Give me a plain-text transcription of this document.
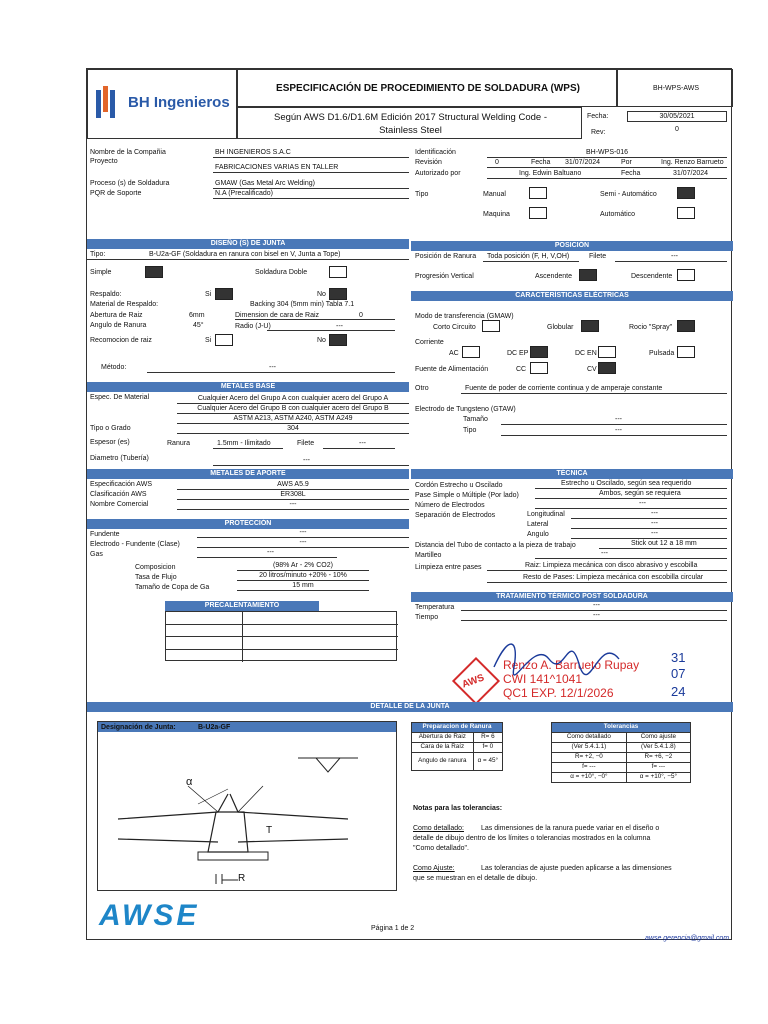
BH Ingenieros
ESPECIFICACIÓN DE PROCEDIMIENTO DE SOLDADURA (WPS)	BH-WPS-AWS
Según AWS D1.6/D1.6M Edición 2017 Structural Welding Code -
Stainless Steel
Fecha:	30/05/2021
Rev:	0
Nombre de la Compañia	BH INGENIEROS S.A.C
Proyecto
FABRICACIONES VARIAS EN TALLER
Proceso (s) de Soldadura	GMAW (Gas Metal Arc Welding)
PQR de Soporte	N.A (Precalificado)
Identificación	BH-WPS-016
Revisión	0	Fecha 31/07/2024	Por	Ing. Renzo Barrueto
Autorizado por	Ing. Edwin Baltuano	Fecha	31/07/2024
Tipo	Manual
Maquina
Semi - Automático
Automático
DISEÑO (S) DE JUNTA
Tipo:	B-U2a-GF (Soldadura en ranura con bisel en V, Junta a Tope)
Simple	Soldadura Doble
Respaldo:	Si	No
Material de Respaldo:	Backing 304 (5mm min) Tabla 7.1
Abertura de Raiz	6mm	Dimension de cara de Raiz	0
Angulo de Ranura	45°	Radio (J-U)	---
Recomocion de raiz	Si	No
Método:	---
POSICIÓN
Posición de Ranura Toda posición (F, H, V,OH)	Filete	---
Progresión Vertical	Ascendente	Descendente
CARACTERÍSTICAS ELÉCTRICAS
Modo de transferencia (GMAW)
Corto Circuito	Globular	Rocio "Spray"
Corriente
AC	DC EP	DC EN	Pulsada
Fuente de Alimentación	CC	CV
Otro	Fuente de poder de corriente continua y de amperaje constante
Electrodo de Tungsteno (GTAW)
Tamaño	---
Tipo	---
METALES BASE
Espec. De Material	Cualquier Acero del Grupo A con cualquier acero del Grupo A
Cualquier Acero del Grupo B con cualquier acero del Grupo B
ASTM A213, ASTM A240, ASTM A249
Tipo o Grado	304
Espesor (es)	Ranura	1.5mm - Ilimitado	Filete	---
Diametro (Tubería)	---
METALES DE APORTE
Especificación AWS	AWS A5.9
Clasificación AWS	ER308L
Nombre Comercial	---
TÉCNICA
Cordón Estrecho u Oscilado	Estrecho u Oscilado, según sea requerido
Pase Simple o Múltiple (Por lado)	Ambos, según se requiera
Número de Electrodos	---
Separación de Electrodos	Longitudinal	---
Lateral	---
Angulo	---
Distancia del Tubo de contacto a la pieza de trabajo	Stick out 12 a 18 mm
Martilleo	---
Limpieza entre pases	Raiz: Limpieza mecánica con disco abrasivo y escobilla
Resto de Pases: Limpieza mecánica con escobilla circular
PROTECCIÓN
Fundente	---
Electrodo - Fundente (Clase)	---
Gas	---
Composicion	(98% Ar - 2% CO2)
Tasa de Flujo	20 litros/minuto +20% - 10%
Tamaño de Copa de Ga	15 mm
PRECALENTAMIENTO
TRATAMIENTO TÉRMICO POST SOLDADURA
Temperatura	---
Tiempo	---
AWS
Renzo A. Barrueto Rupay
CWI 141^1041
QC1 EXP. 12/1/2026
31
07
24
DETALLE DE LA JUNTA
Designación de Junta:	B-U2a-GF
α
T
R
Preparacion de Ranura	
Abertura de Raiz	R= 6
Cara de la Raíz	f= 0
Angulo de ranura	α = 45°
Tolerancias	
Como detallado	Como ajuste
(Ver 5.4.1.1)	(Ver 5.4.1.8)
R= +2, −0	R= +6, −2
f= ---	f= ---
α = +10°, −0°	α = +10°, −5°
Notas para las tolerancias:
Como detallado: Las dimensiones de la ranura puede variar en el diseño o
detalle de dibujo dentro de los límites o tolerancias mostrados en la columna
"Como detallado".
Como Ajuste:	Las tolerancias de ajuste pueden aplicarse a las dimensiones
que se muestran en el detalle de dibujo.
AWSE	Página 1 de 2
awse.gerencia@gmail.com
